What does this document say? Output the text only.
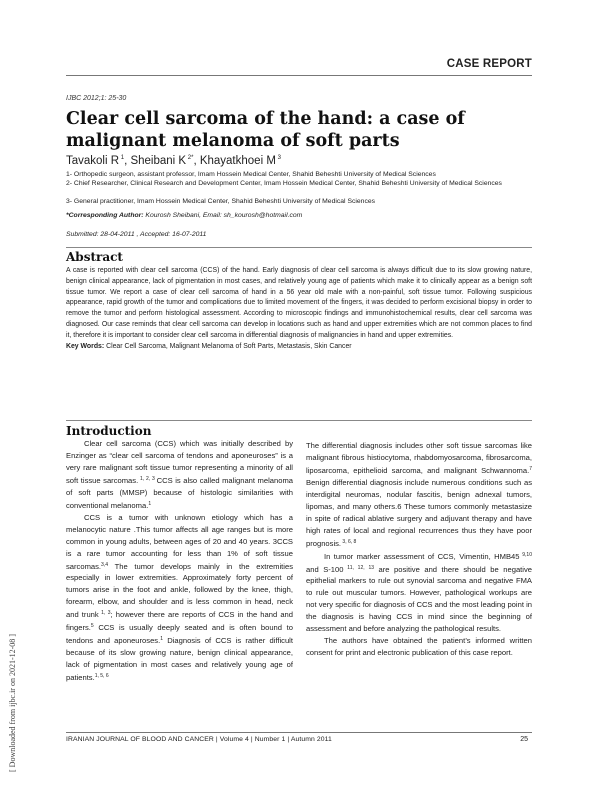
CASE REPORT
IJBC 2012;1: 25-30
Clear cell sarcoma of the hand: a case of malignant melanoma of soft parts
Tavakoli R $^1$, Sheibani K $^{2*}$, Khayatkhoei M $^3$
1- Orthopedic surgeon, assistant professor, Imam Hossein Medical Center, Shahid Beheshti University of Medical Sciences
2- Chief Researcher, Clinical Research and Development Center, Imam Hossein Medical Center, Shahid Beheshti University of Medical Sciences
3- General practitioner, Imam Hossein Medical Center, Shahid Beheshti University of Medical Sciences
*Corresponding Author: Kourosh Sheibani, Email: sh_kourosh@hotmail.com
Submitted: 28-04-2011 , Accepted: 16-07-2011
Abstract
A case is reported with clear cell sarcoma (CCS) of the hand. Early diagnosis of clear cell sarcoma is always difficult due to its slow growing nature, benign clinical appearance, lack of pigmentation in most cases, and relatively young age of patients which make it to clinically appear as a benign soft tissue tumor. We report a case of clear cell sarcoma of hand in a 56 year old male with a non-painful, soft tissue tumor. Following suspicious appearance, rapid growth of the tumor and complications due to limited movement of the fingers, it was decided to perform excisional biopsy in order to remove the tumor and perform histological assessment. According to microscopic findings and immunohistochemical results, clear cell sarcoma was diagnosed. Our case reminds that clear cell sarcoma can develop in locations such as hand and upper extremities which are not common places to find it, therefore it is important to consider clear cell sarcoma in differential diagnosis of malignancies in hand and upper extremities.
Key Words: Clear Cell Sarcoma, Malignant Melanoma of Soft Parts, Metastasis, Skin Cancer
Introduction

Clear cell sarcoma (CCS) which was initially described by Enzinger as “clear cell sarcoma of tendons and aponeuroses” is a very rare malignant soft tissue tumor representing a minority of all soft tissue sarcomas. $^{1, 2, 3}$ CCS is also called malignant melanoma of soft parts (MMSP) because of histologic similarities with conventional melanoma.$^1$

CCS is a tumor with unknown etiology which has a melanocytic nature .This tumor affects all age ranges but is more common in young adults, between ages of 20 and 40 years. 3CCS is a rare tumor accounting for less than 1% of soft tissue sarcomas.$^{3,4}$ The tumor develops mainly in the extremities especially in lower extremities. Approximately forty percent of tumors arise in the foot and ankle, followed by the knee, thigh, forearm, elbow, and shoulder and is less common in head, neck and trunk $^{1, 3}$; however there are reports of CCS in the hand and fingers.$^5$ CCS is usually deeply seated and is often bound to tendons and aponeuroses.$^1$ Diagnosis of CCS is rather difficult because of its slow growing nature, benign clinical appearance, lack of pigmentation in most cases and relatively young age of patients.$^{1, 5, 6}$

The differential diagnosis includes other soft tissue sarcomas like malignant fibrous histiocytoma, rhabdomyosarcoma, fibrosarcoma, liposarcoma, epithelioid sarcoma, and malignant Schwannoma.$^7$ Benign differential diagnosis include numerous conditions such as interdigital neuromas, nodular fascitis, benign adnexal tumors, lipomas, and many others.6 These tumors commonly metastasize in spite of radical ablative surgery and adjuvant therapy and have high rates of local and regional recurrences thus they have poor prognosis. $^{3, 6, 8}$

In tumor marker assessment of CCS, Vimentin, HMB45 $^{9,10}$ and S-100 $^{11, 12, 13}$ are positive and there should be negative epithelial markers to rule out synovial sarcoma and negative FMA to rule out muscular tumors. However, pathological workups are not very specific for diagnosis of CCS and the most leading point in the diagnosis is having CCS in mind since the beginning of assessment and before analyzing the pathological results.

The authors have obtained the patient’s informed written consent for print and electronic publication of this case report.

[ Downloaded from ijbc.ir on 2021-12-08 ]	IRANIAN JOURNAL OF BLOOD AND CANCER | Volume 4 | Number 1 | Autumn 2011	25
